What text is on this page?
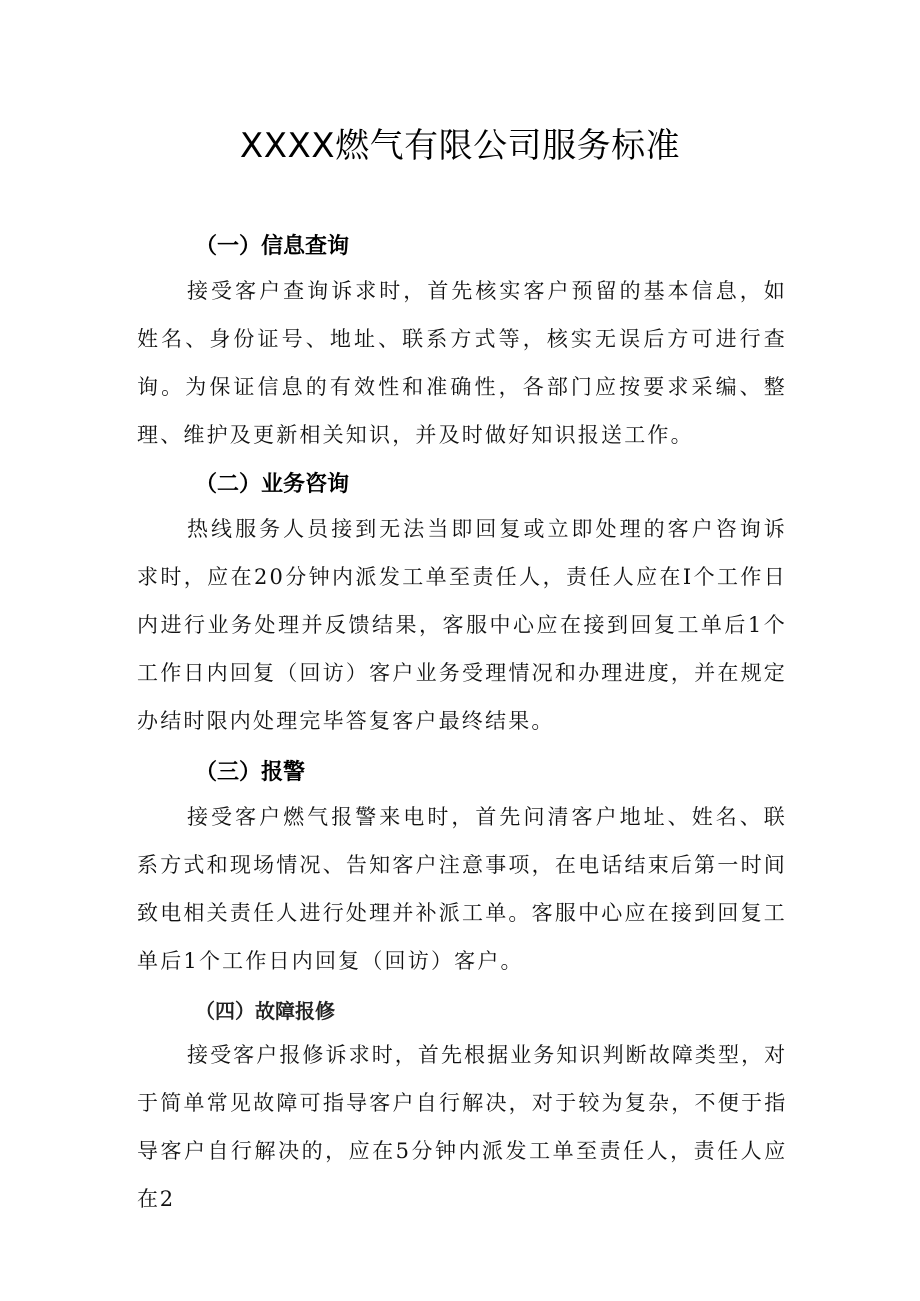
XXXX燃气有限公司服务标准
（一）信息查询

接受客户查询诉求时，首先核实客户预留的基本信息，如姓名、身份证号、地址、联系方式等，核实无误后方可进行查询。为保证信息的有效性和准确性，各部门应按要求采编、整理、维护及更新相关知识，并及时做好知识报送工作。

（二）业务咨询

热线服务人员接到无法当即回复或立即处理的客户咨询诉求时，应在20分钟内派发工单至责任人，责任人应在I个工作日内进行业务处理并反馈结果，客服中心应在接到回复工单后1个工作日内回复（回访）客户业务受理情况和办理进度，并在规定办结时限内处理完毕答复客户最终结果。

（三）报警

接受客户燃气报警来电时，首先问清客户地址、姓名、联系方式和现场情况、告知客户注意事项，在电话结束后第一时间致电相关责任人进行处理并补派工单。客服中心应在接到回复工单后1个工作日内回复（回访）客户。

（四）故障报修

接受客户报修诉求时，首先根据业务知识判断故障类型，对于简单常见故障可指导客户自行解决，对于较为复杂，不便于指导客户自行解决的，应在5分钟内派发工单至责任人，责任人应在2
